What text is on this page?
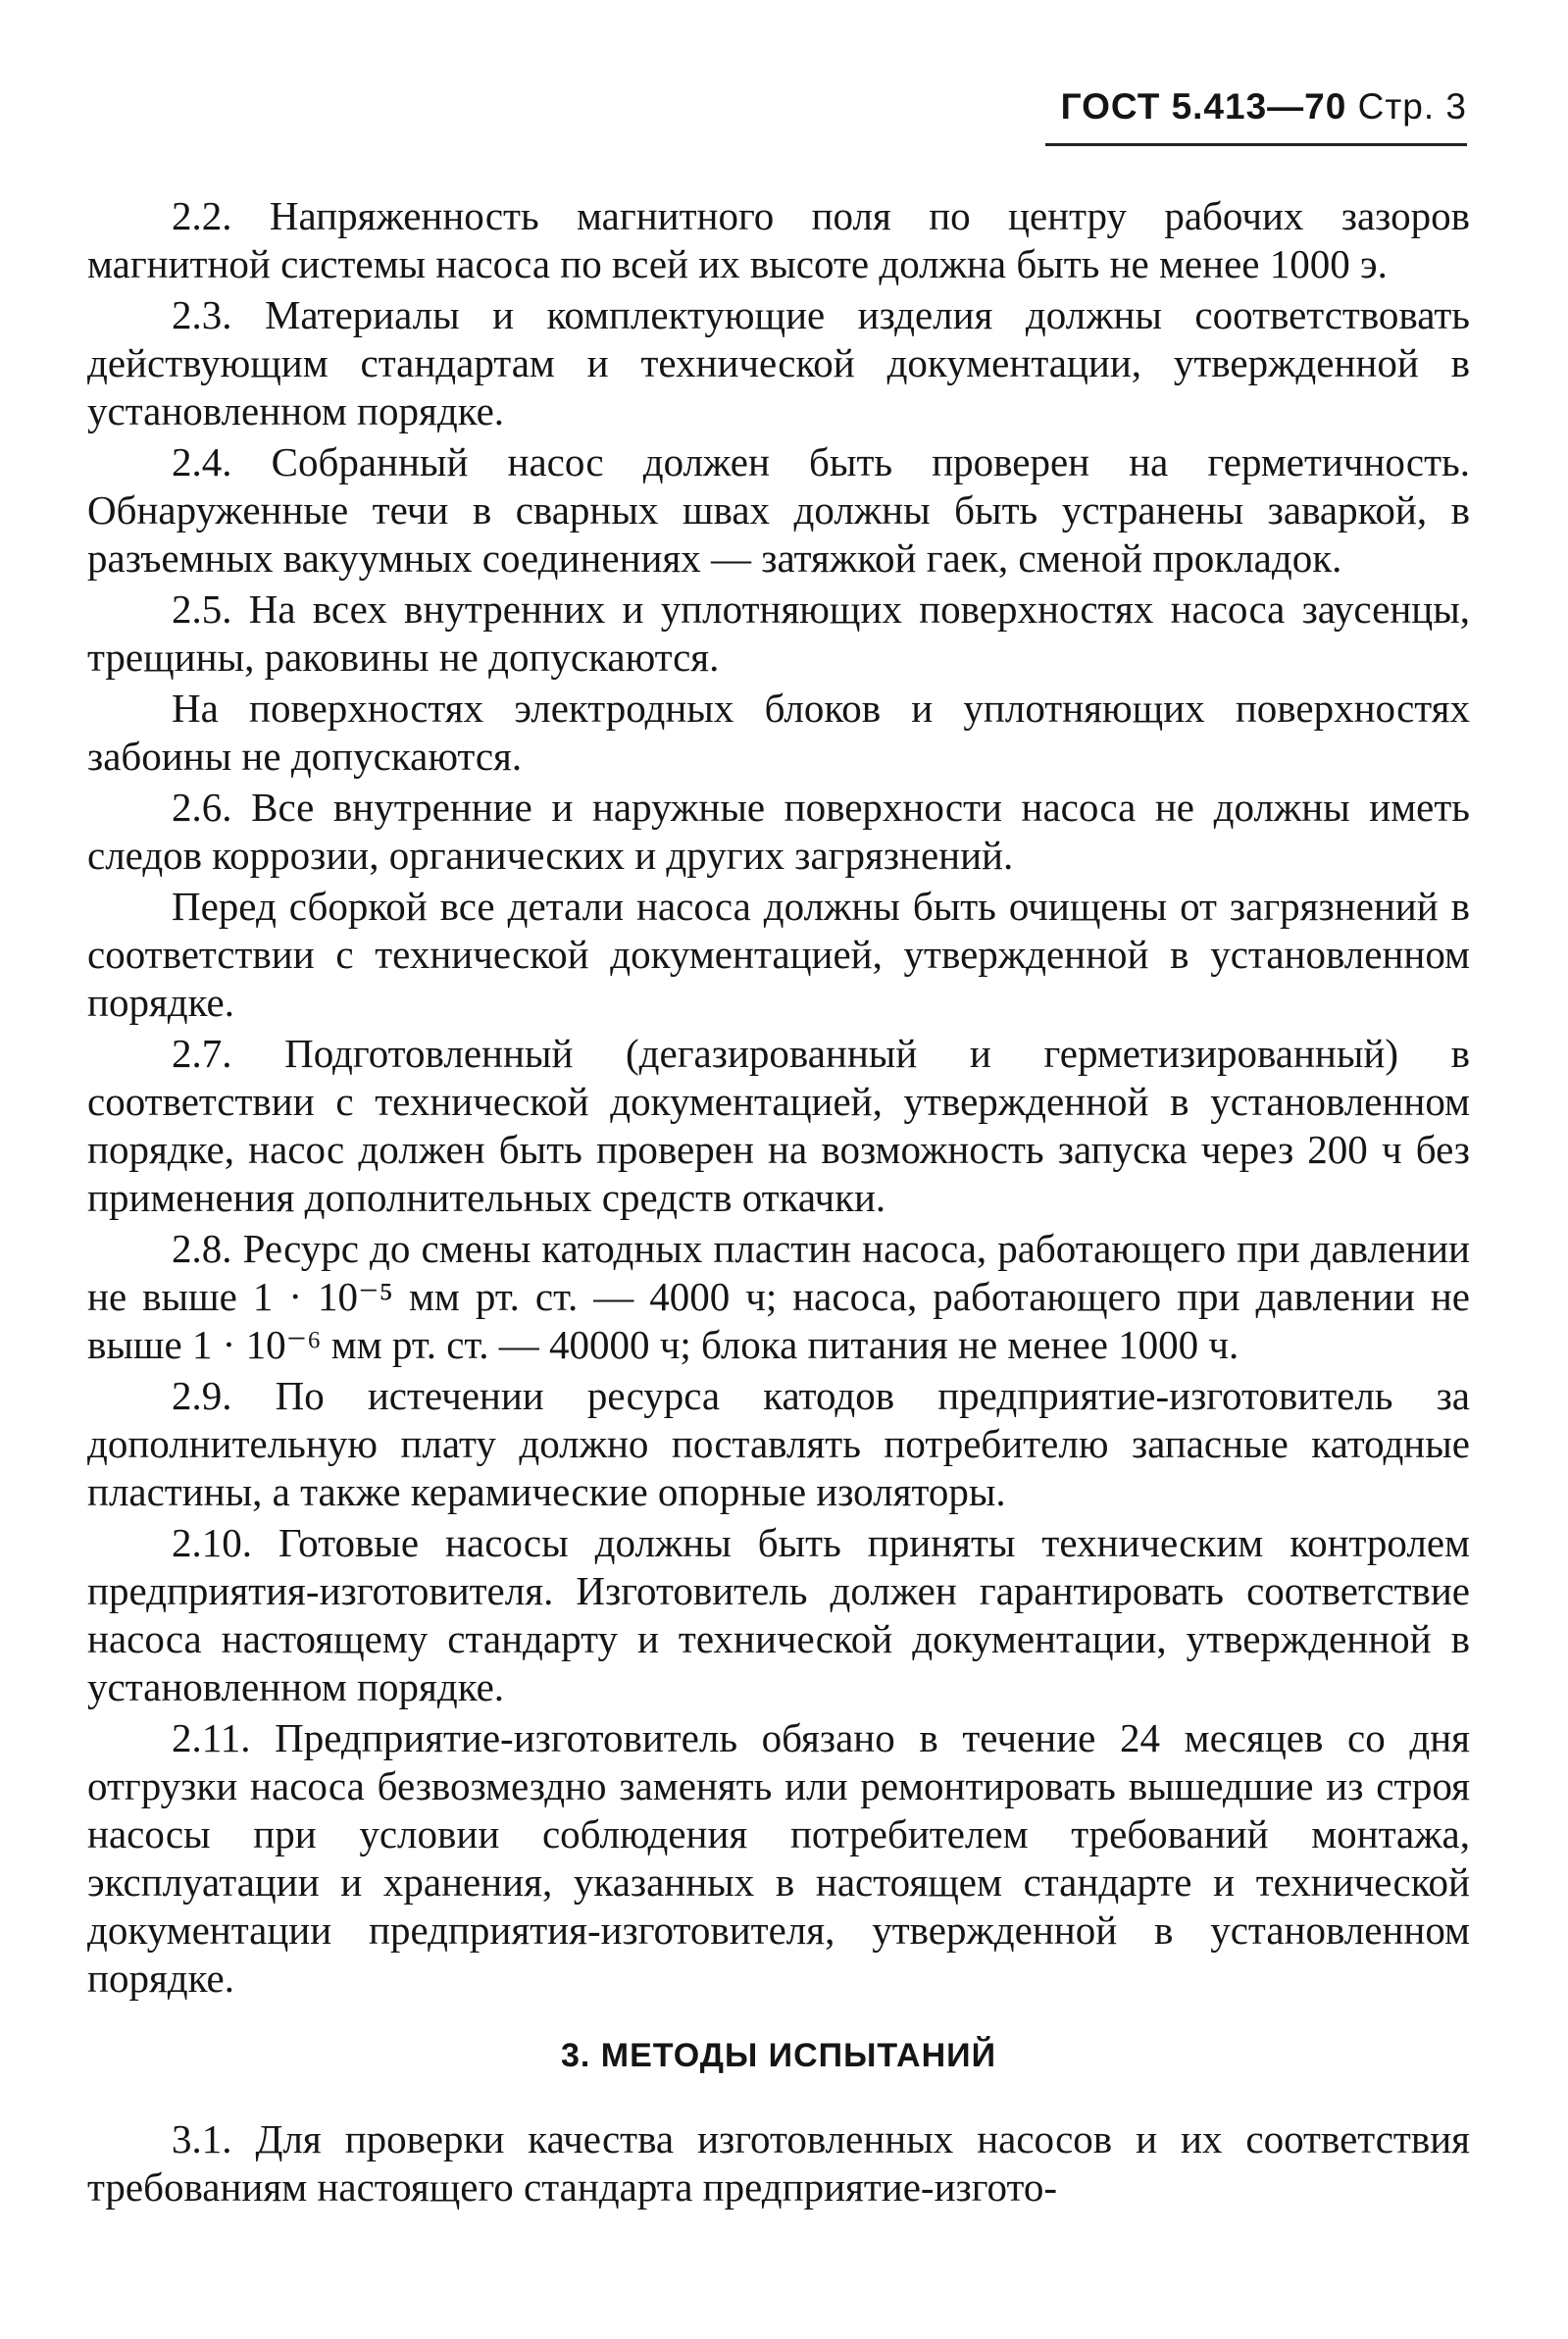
ГОСТ 5.413—70 Стр. 3

2.2. Напряженность магнитного поля по центру рабочих зазоров магнитной системы насоса по всей их высоте должна быть не менее 1000 э.

2.3. Материалы и комплектующие изделия должны соответствовать действующим стандартам и технической документации, утвержденной в установленном порядке.

2.4. Собранный насос должен быть проверен на герметичность. Обнаруженные течи в сварных швах должны быть устранены заваркой, в разъемных вакуумных соединениях — затяжкой гаек, сменой прокладок.

2.5. На всех внутренних и уплотняющих поверхностях насоса заусенцы, трещины, раковины не допускаются.

На поверхностях электродных блоков и уплотняющих поверхностях забоины не допускаются.

2.6. Все внутренние и наружные поверхности насоса не должны иметь следов коррозии, органических и других загрязнений.

Перед сборкой все детали насоса должны быть очищены от загрязнений в соответствии с технической документацией, утвержденной в установленном порядке.

2.7. Подготовленный (дегазированный и герметизированный) в соответствии с технической документацией, утвержденной в установленном порядке, насос должен быть проверен на возможность запуска через 200 ч без применения дополнительных средств откачки.

2.8. Ресурс до смены катодных пластин насоса, работающего при давлении не выше 1 · 10⁻⁵ мм рт. ст. — 4000 ч; насоса, работающего при давлении не выше 1 · 10⁻⁶ мм рт. ст. — 40000 ч; блока питания не менее 1000 ч.

2.9. По истечении ресурса катодов предприятие-изготовитель за дополнительную плату должно поставлять потребителю запасные катодные пластины, а также керамические опорные изоляторы.

2.10. Готовые насосы должны быть приняты техническим контролем предприятия-изготовителя. Изготовитель должен гарантировать соответствие насоса настоящему стандарту и технической документации, утвержденной в установленном порядке.

2.11. Предприятие-изготовитель обязано в течение 24 месяцев со дня отгрузки насоса безвозмездно заменять или ремонтировать вышедшие из строя насосы при условии соблюдения потребителем требований монтажа, эксплуатации и хранения, указанных в настоящем стандарте и технической документации предприятия-изготовителя, утвержденной в установленном порядке.

3. МЕТОДЫ ИСПЫТАНИЙ

3.1. Для проверки качества изготовленных насосов и их соответствия требованиям настоящего стандарта предприятие-изгото-
